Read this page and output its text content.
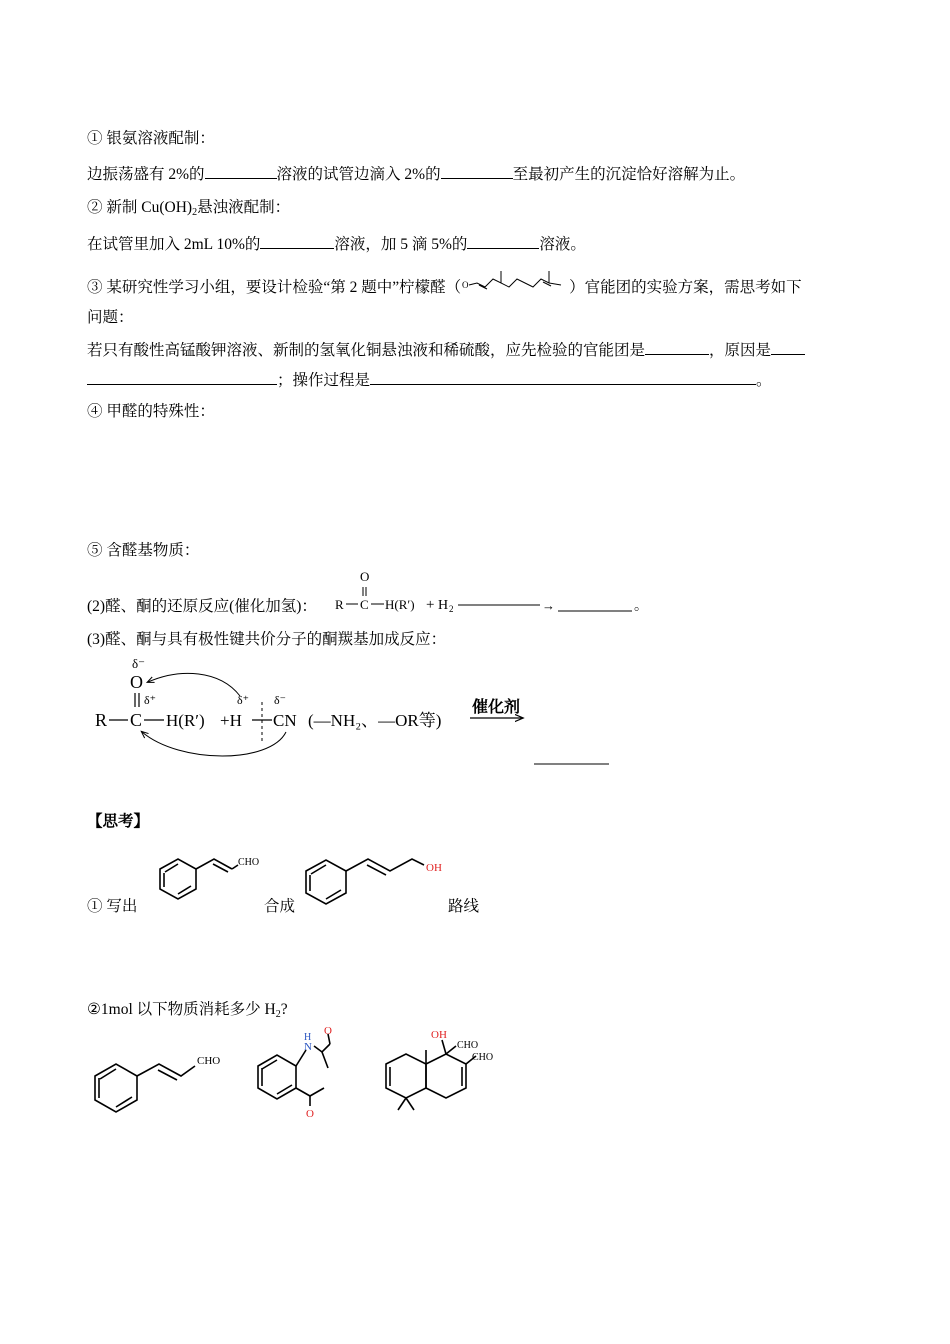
① 银氨溶液配制：
边振荡盛有 2%的	溶液的试管边滴入 2%的	至最初产生的沉淀恰好溶解为止。
② 新制 $Cu(OH)_2$悬浊液配制：
在试管里加入 2mL 10%的	溶液，加 5 滴 5%的	溶液。
③ 某研究性学习小组，要设计检验“第 2 题中”柠檬醛（ O	）官能团的实验方案，需思考如下
问题：
若只有酸性高锰酸钾溶液、新制的氢氧化铜悬浊液和稀硫酸，应先检验的官能团是	，原因是
；操作过程是	。
④ 甲醛的特殊性：
⑤ 含醛基物质：
(2)醛、酮的还原反应(催化加氢)：
O
R C H(R′) + H 2	→	。
(3)醛、酮与具有极性键共价分子的酮羰基加成反应：
δ⁻
O
δ⁺
R C H(R′) +H
δ⁺ δ⁻
CN (—NH₂、—OR等)
催化剂
【思考】
① 写出	合成	路线
CHO	OH
②1mol 以下物质消耗多少 $H_2$?
CHO
H
N
O
O
OH
CHO
CHO
